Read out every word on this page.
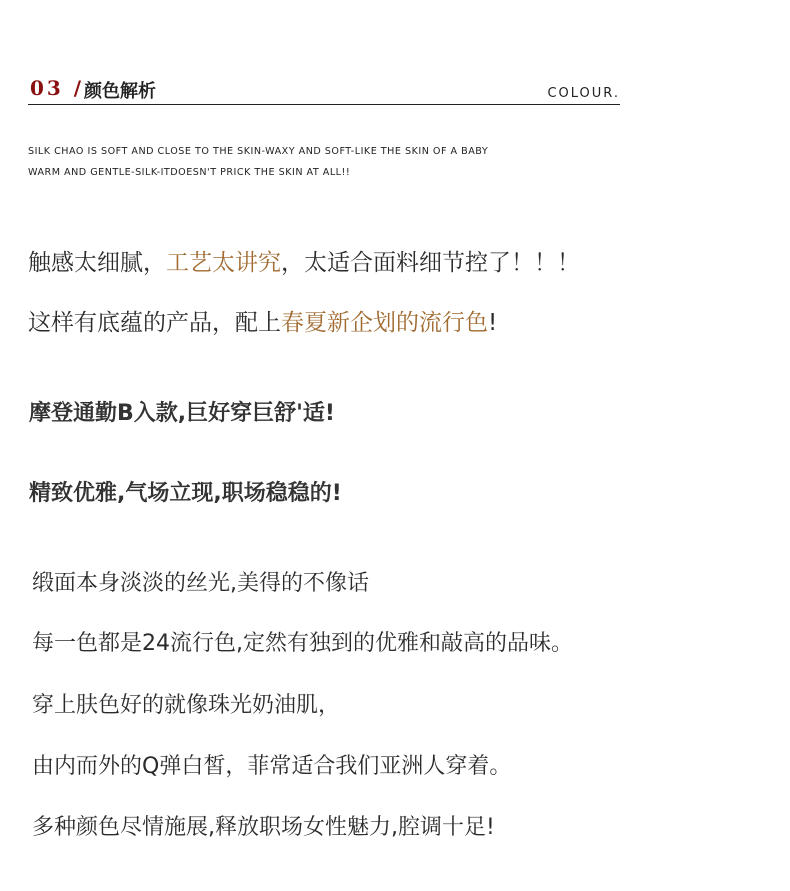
03 / 颜色解析	COLOUR.
SILK CHAO IS SOFT AND CLOSE TO THE SKIN-WAXY AND SOFT-LIKE THE SKIN OF A BABY
WARM AND GENTLE-SILK-ITDOESN'T PRICK THE SKIN AT ALL!!
触感太细腻，工艺太讲究，太适合面料细节控了！！！
这样有底蕴的产品，配上春夏新企划的流行色!
摩登通勤B入款,巨好穿巨舒'适!
精致优雅,气场立现,职场稳稳的!
缎面本身淡淡的丝光,美得的不像话
每一色都是24流行色,定然有独到的优雅和敲高的品味。
穿上肤色好的就像珠光奶油肌，
由内而外的Q弹白皙，菲常适合我们亚洲人穿着。
多种颜色尽情施展,释放职场女性魅力,腔调十足!
